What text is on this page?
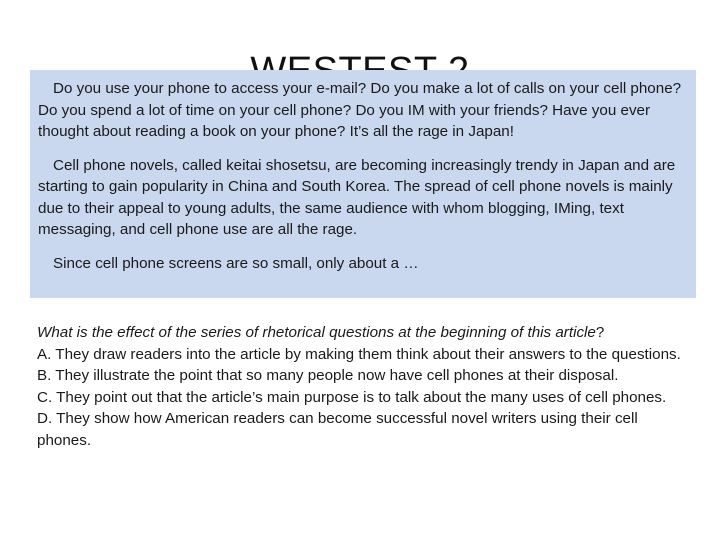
Do you use your phone to access your e-mail? Do you make a lot of calls on your cell phone? Do you spend a lot of time on your cell phone? Do you IM with your friends? Have you ever thought about reading a book on your phone? It’s all the rage in Japan!

Cell phone novels, called keitai shosetsu, are becoming increasingly trendy in Japan and are starting to gain popularity in China and South Korea. The spread of cell phone novels is mainly due to their appeal to young adults, the same audience with whom blogging, IMing, text messaging, and cell phone use are all the rage.

Since cell phone screens are so small, only about a …

What is the effect of the series of rhetorical questions at the beginning of this article?

A. They draw readers into the article by making them think about their answers to the questions.

B. They illustrate the point that so many people now have cell phones at their disposal.

C. They point out that the article’s main purpose is to talk about the many uses of cell phones.

D. They show how American readers can become successful novel writers using their cell phones.
